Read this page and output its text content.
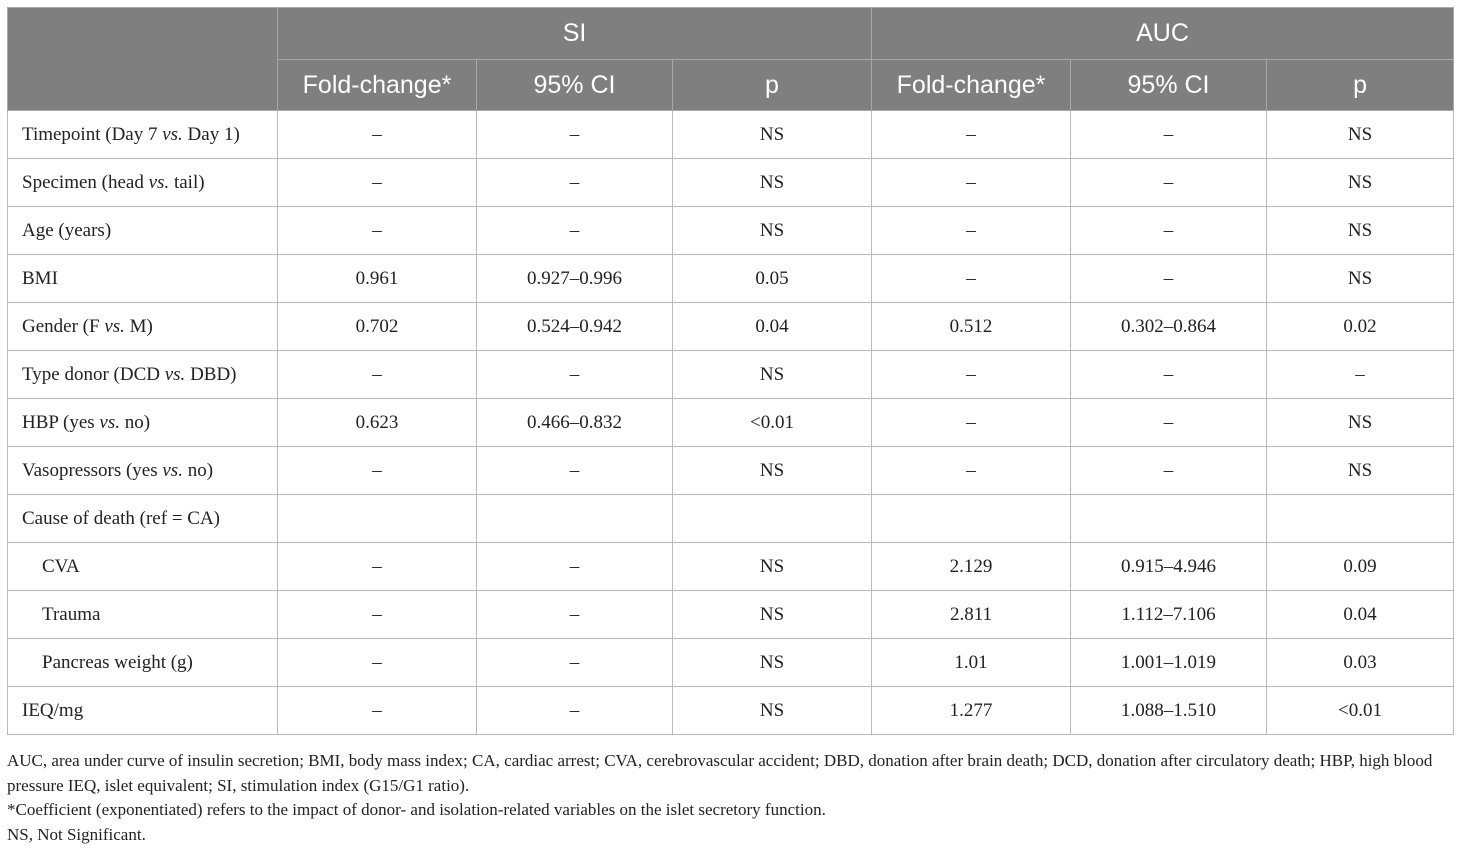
	SI			AUC		
	Fold-change*	95% CI	p	Fold-change*	95% CI	p
Timepoint (Day 7 vs. Day 1)	–	–	NS	–	–	NS
Specimen (head vs. tail)	–	–	NS	–	–	NS
Age (years)	–	–	NS	–	–	NS
BMI	0.961	0.927–0.996	0.05	–	–	NS
Gender (F vs. M)	0.702	0.524–0.942	0.04	0.512	0.302–0.864	0.02
Type donor (DCD vs. DBD)	–	–	NS	–	–	–
HBP (yes vs. no)	0.623	0.466–0.832	<0.01	–	–	NS
Vasopressors (yes vs. no)	–	–	NS	–	–	NS
Cause of death (ref = CA)						
CVA	–	–	NS	2.129	0.915–4.946	0.09
Trauma	–	–	NS	2.811	1.112–7.106	0.04
Pancreas weight (g)	–	–	NS	1.01	1.001–1.019	0.03
IEQ/mg	–	–	NS	1.277	1.088–1.510	<0.01

AUC, area under curve of insulin secretion; BMI, body mass index; CA, cardiac arrest; CVA, cerebrovascular accident; DBD, donation after brain death; DCD, donation after circulatory death; HBP, high blood pressure IEQ, islet equivalent; SI, stimulation index (G15/G1 ratio).

*Coefficient (exponentiated) refers to the impact of donor- and isolation-related variables on the islet secretory function.

NS, Not Significant.
